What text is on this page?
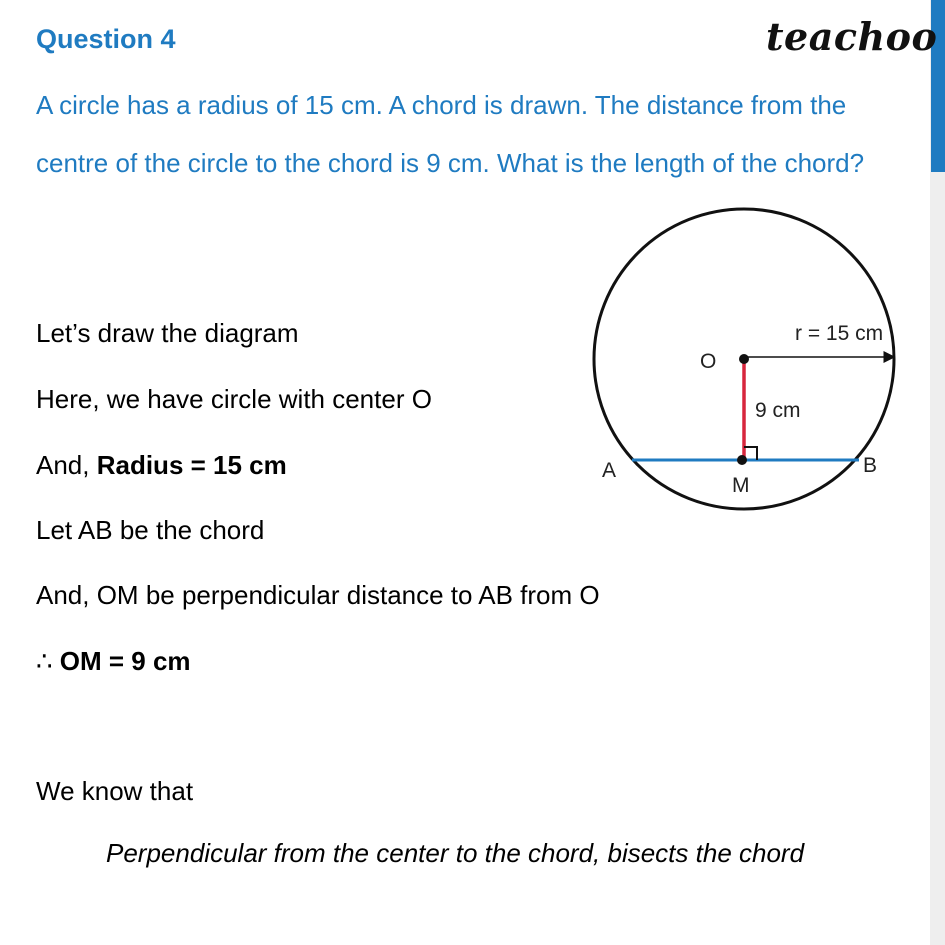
Question 4	teachoo
A circle has a radius of 15 cm. A chord is drawn. The distance from the centre of the circle to the chord is 9 cm. What is the length of the chord?
Let’s draw the diagram
Here, we have circle with center O
And, Radius = 15 cm
Let AB be the chord
And, OM be perpendicular distance to AB from O
∴ OM = 9 cm
We know that
Perpendicular from the center to the chord, bisects the chord
O
M
A	B
r = 15 cm
9 cm
